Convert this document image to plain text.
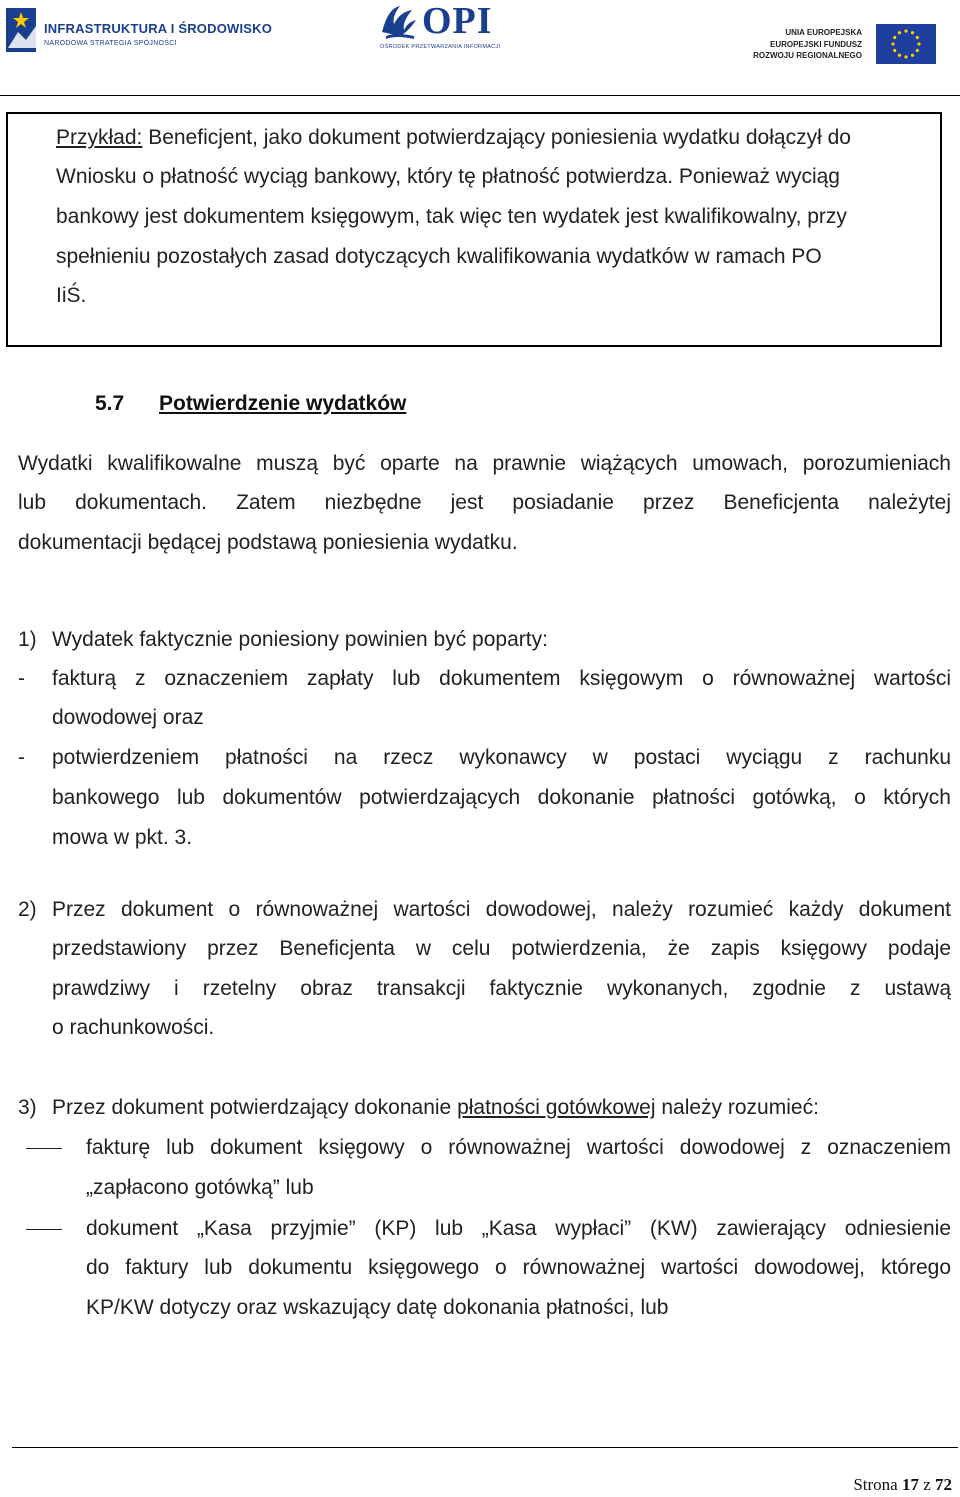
INFRASTRUKTURA I ŚRODOWISKO
NARODOWA STRATEGIA SPÓJNOŚCI
OPI
OŚRODEK PRZETWARZANIA INFORMACJI
UNIA EUROPEJSKA
EUROPEJSKI FUNDUSZ
ROZWOJU REGIONALNEGO
Przykład: Beneficjent, jako dokument potwierdzający poniesienia wydatku dołączył do
Wniosku o płatność wyciąg bankowy, który tę płatność potwierdza. Ponieważ wyciąg
bankowy jest dokumentem księgowym, tak więc ten wydatek jest kwalifikowalny, przy
spełnieniu pozostałych zasad dotyczących kwalifikowania wydatków w ramach PO
IiŚ.
5.7 Potwierdzenie wydatków
Wydatki kwalifikowalne muszą być oparte na prawnie wiążących umowach, porozumieniach
lub dokumentach. Zatem niezbędne jest posiadanie przez Beneficjenta należytej
dokumentacji będącej podstawą poniesienia wydatku.
1) Wydatek faktycznie poniesiony powinien być poparty:
- fakturą z oznaczeniem zapłaty lub dokumentem księgowym o równoważnej wartości
dowodowej oraz
- potwierdzeniem płatności na rzecz wykonawcy w postaci wyciągu z rachunku
bankowego lub dokumentów potwierdzających dokonanie płatności gotówką, o których
mowa w pkt. 3.
2) Przez dokument o równoważnej wartości dowodowej, należy rozumieć każdy dokument
przedstawiony przez Beneficjenta w celu potwierdzenia, że zapis księgowy podaje
prawdziwy i rzetelny obraz transakcji faktycznie wykonanych, zgodnie z ustawą
o rachunkowości.
3) Przez dokument potwierdzający dokonanie płatności gotówkowej należy rozumieć:
fakturę lub dokument księgowy o równoważnej wartości dowodowej z oznaczeniem
„zapłacono gotówką” lub
dokument „Kasa przyjmie” (KP) lub „Kasa wypłaci” (KW) zawierający odniesienie
do faktury lub dokumentu księgowego o równoważnej wartości dowodowej, którego
KP/KW dotyczy oraz wskazujący datę dokonania płatności, lub
Strona 17 z 72
